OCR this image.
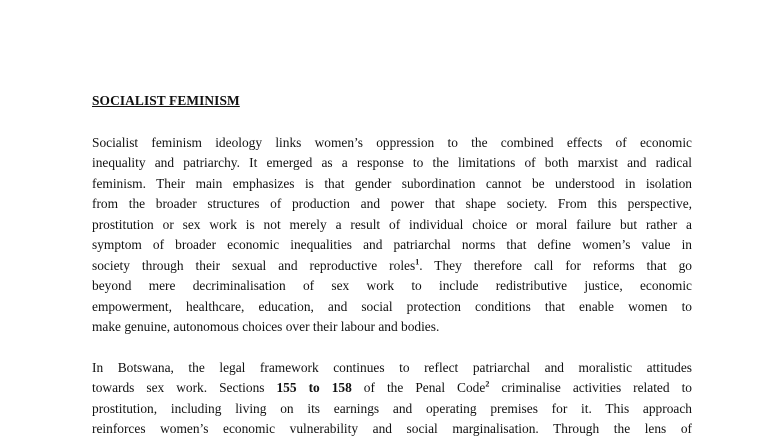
SOCIALIST FEMINISM

Socialist feminism ideology links women’s oppression to the combined effects of economic
inequality and patriarchy. It emerged as a response to the limitations of both marxist and radical
feminism. Their main emphasizes is that gender subordination cannot be understood in isolation
from the broader structures of production and power that shape society. From this perspective,
prostitution or sex work is not merely a result of individual choice or moral failure but rather a
symptom of broader economic inequalities and patriarchal norms that define women’s value in
society through their sexual and reproductive roles$^1$. They therefore call for reforms that go
beyond mere decriminalisation of sex work to include redistributive justice, economic
empowerment, healthcare, education, and social protection conditions that enable women to
make genuine, autonomous choices over their labour and bodies.

In Botswana, the legal framework continues to reflect patriarchal and moralistic attitudes
towards sex work. Sections 155 to 158 of the Penal Code$^2$ criminalise activities related to
prostitution, including living on its earnings and operating premises for it. This approach
reinforces women’s economic vulnerability and social marginalisation. Through the lens of
